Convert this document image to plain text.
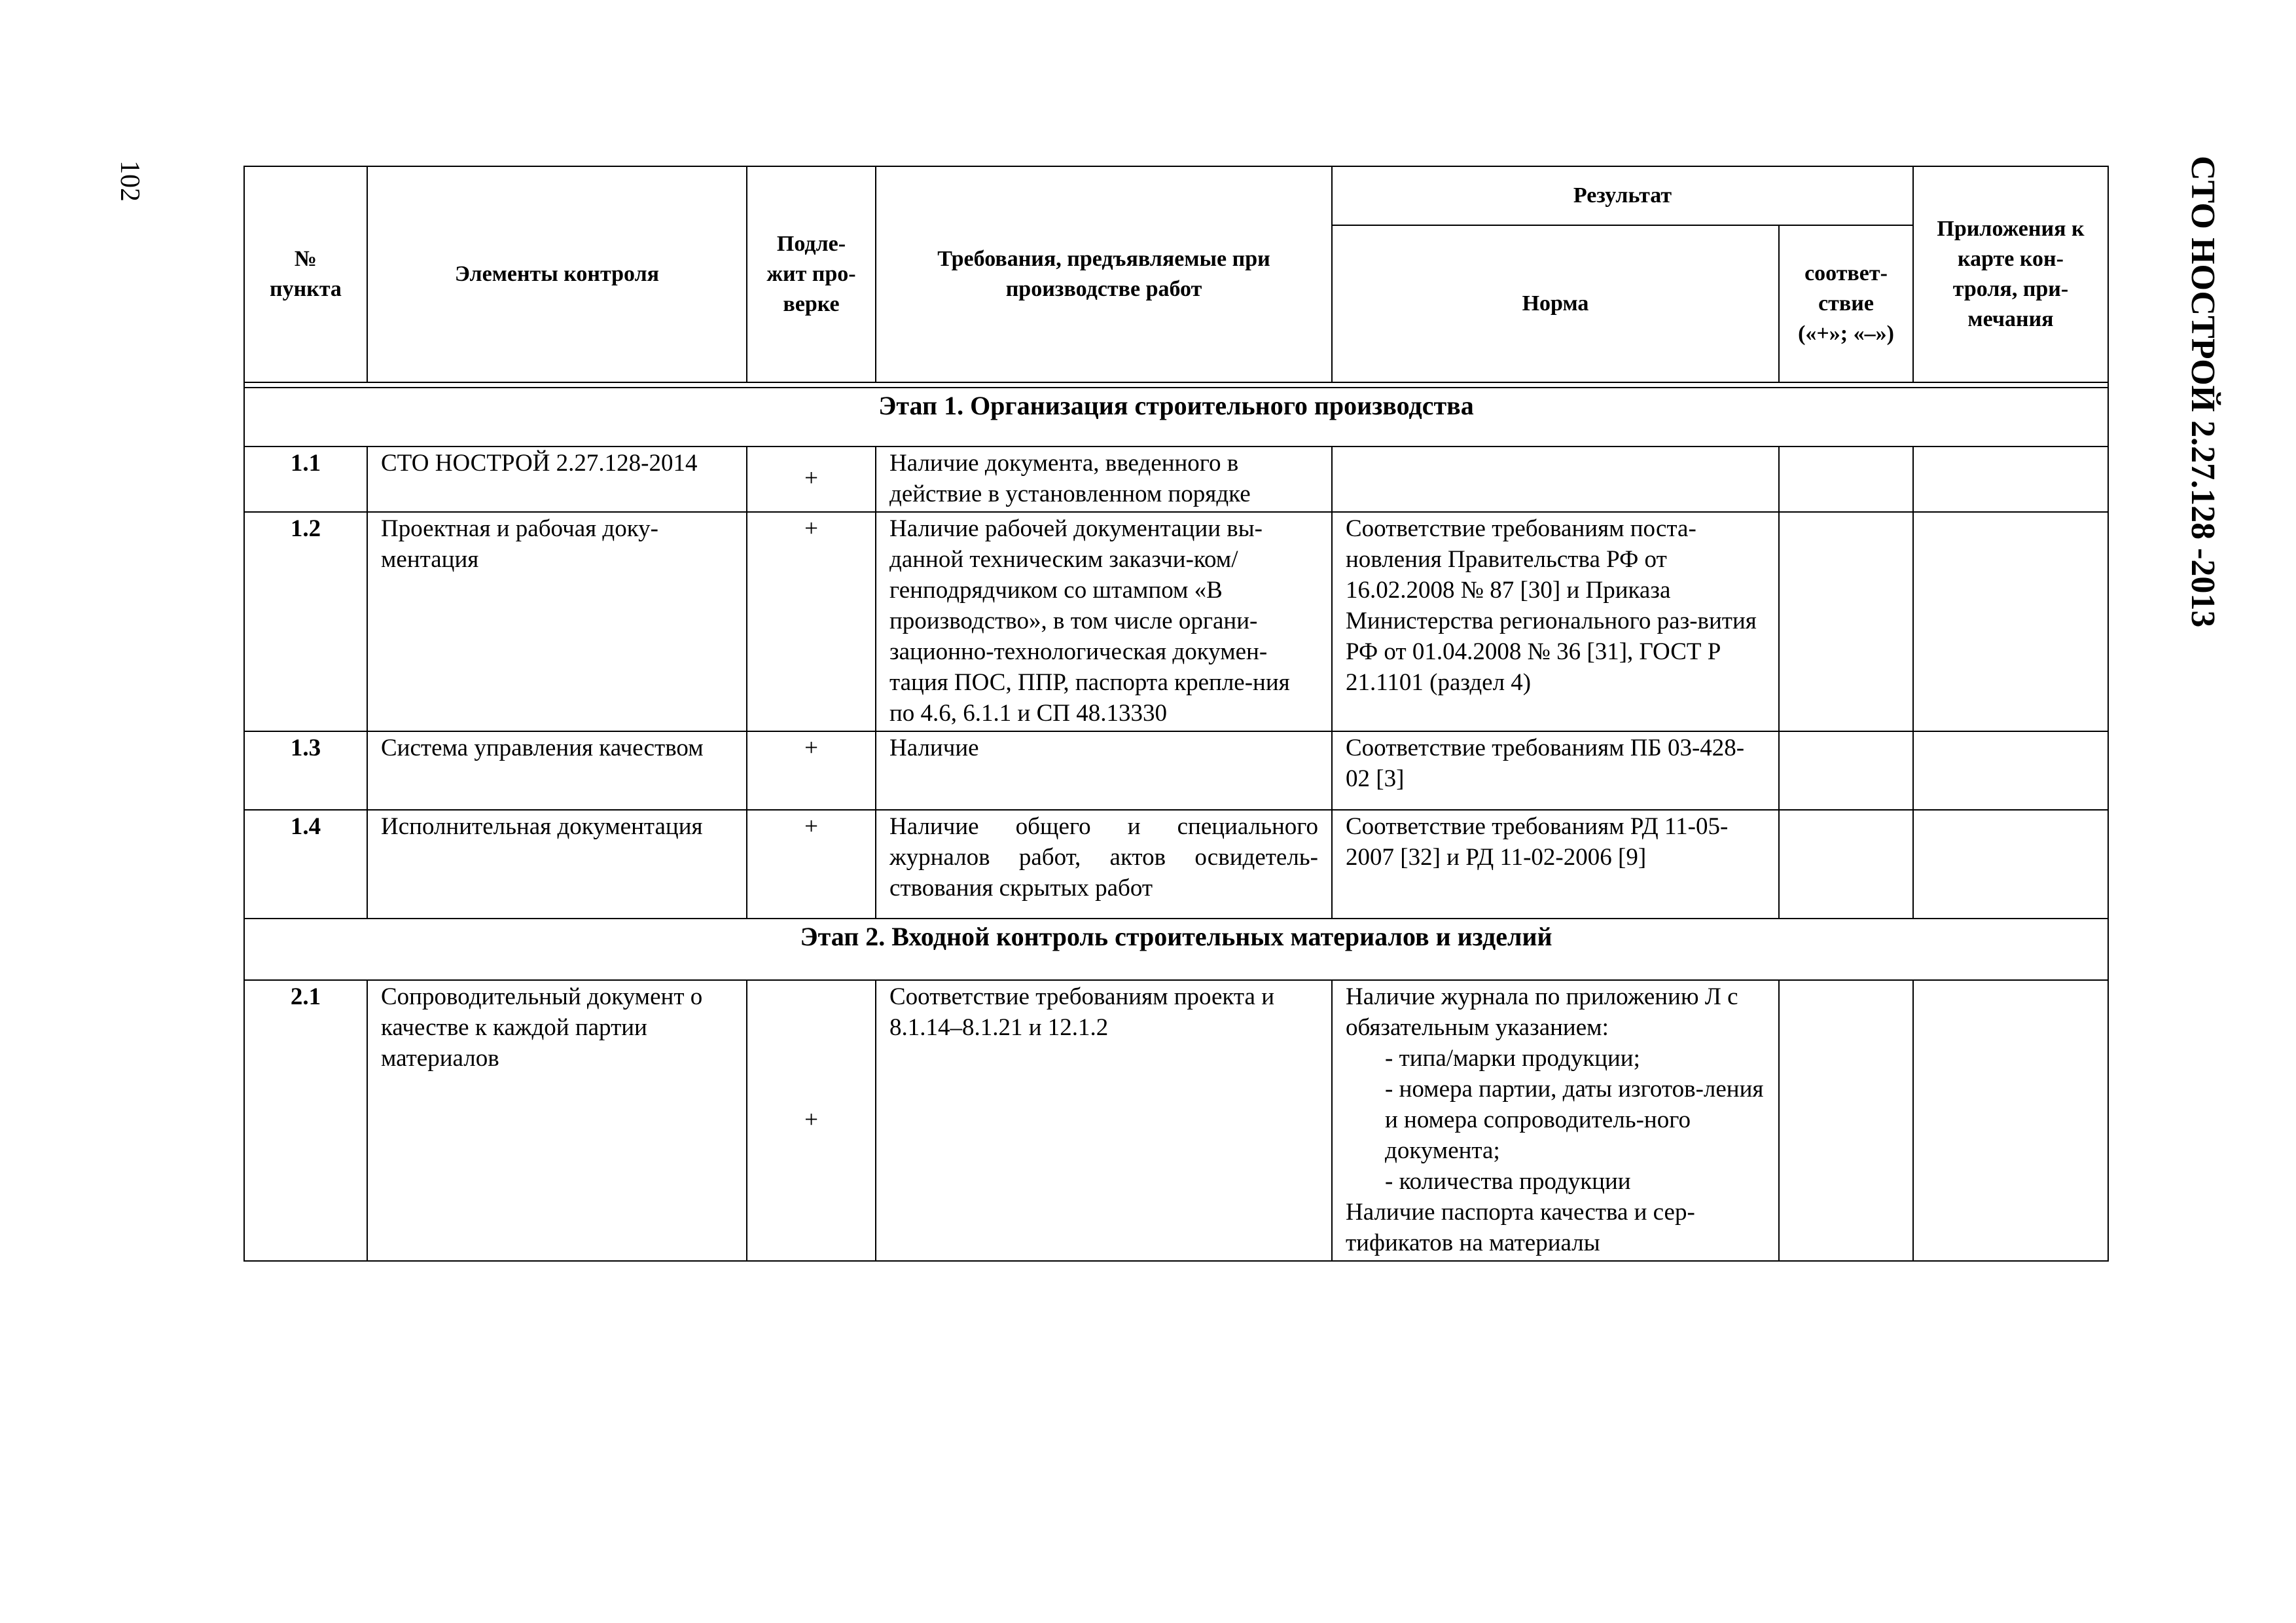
102	СТО НОСТРОЙ 2.27.128 -2013
№ пункта	Элементы контроля	Подле-жит про-верке	Требования, предъявляемые при производстве работ	Результат		Приложения к карте кон-троля, при-мечания
				Норма	соответ-ствие («+»; «–»)	

Этап 1. Организация строительного производства						
1.1	СТО НОСТРОЙ 2.27.128-2014	+	Наличие документа, введенного в действие в установленном порядке			
1.2	Проектная и рабочая доку-ментация	+	Наличие рабочей документации вы-данной техническим заказчи-ком/генподрядчиком со штампом «В производство», в том числе органи-зационно-технологическая докумен-тация ПОС, ППР, паспорта крепле-ния по 4.6, 6.1.1 и СП 48.13330	Соответствие требованиям поста-новления Правительства РФ от 16.02.2008 № 87 [30] и Приказа Министерства регионального раз-вития РФ от 01.04.2008 № 36 [31], ГОСТ Р 21.1101 (раздел 4)		
1.3	Система управления качеством	+	Наличие	Соответствие требованиям ПБ 03-428-02 [3]		
1.4	Исполнительная документация	+	Наличие общего и специального журналов работ, актов освидетель-ствования скрытых работ	Соответствие требованиям РД 11-05-2007 [32] и РД 11-02-2006 [9]		
Этап 2. Входной контроль строительных материалов и изделий						
2.1	Сопроводительный документ о качестве к каждой партии материалов	+	Соответствие требованиям проекта и 8.1.14–8.1.21 и 12.1.2	Наличие журнала по приложению Л с обязательным указанием:
- типа/марки продукции;
- номера партии, даты изготов-ления и номера сопроводитель-ного документа;
- количества продукции
Наличие паспорта качества и сер-тификатов на материалы		
